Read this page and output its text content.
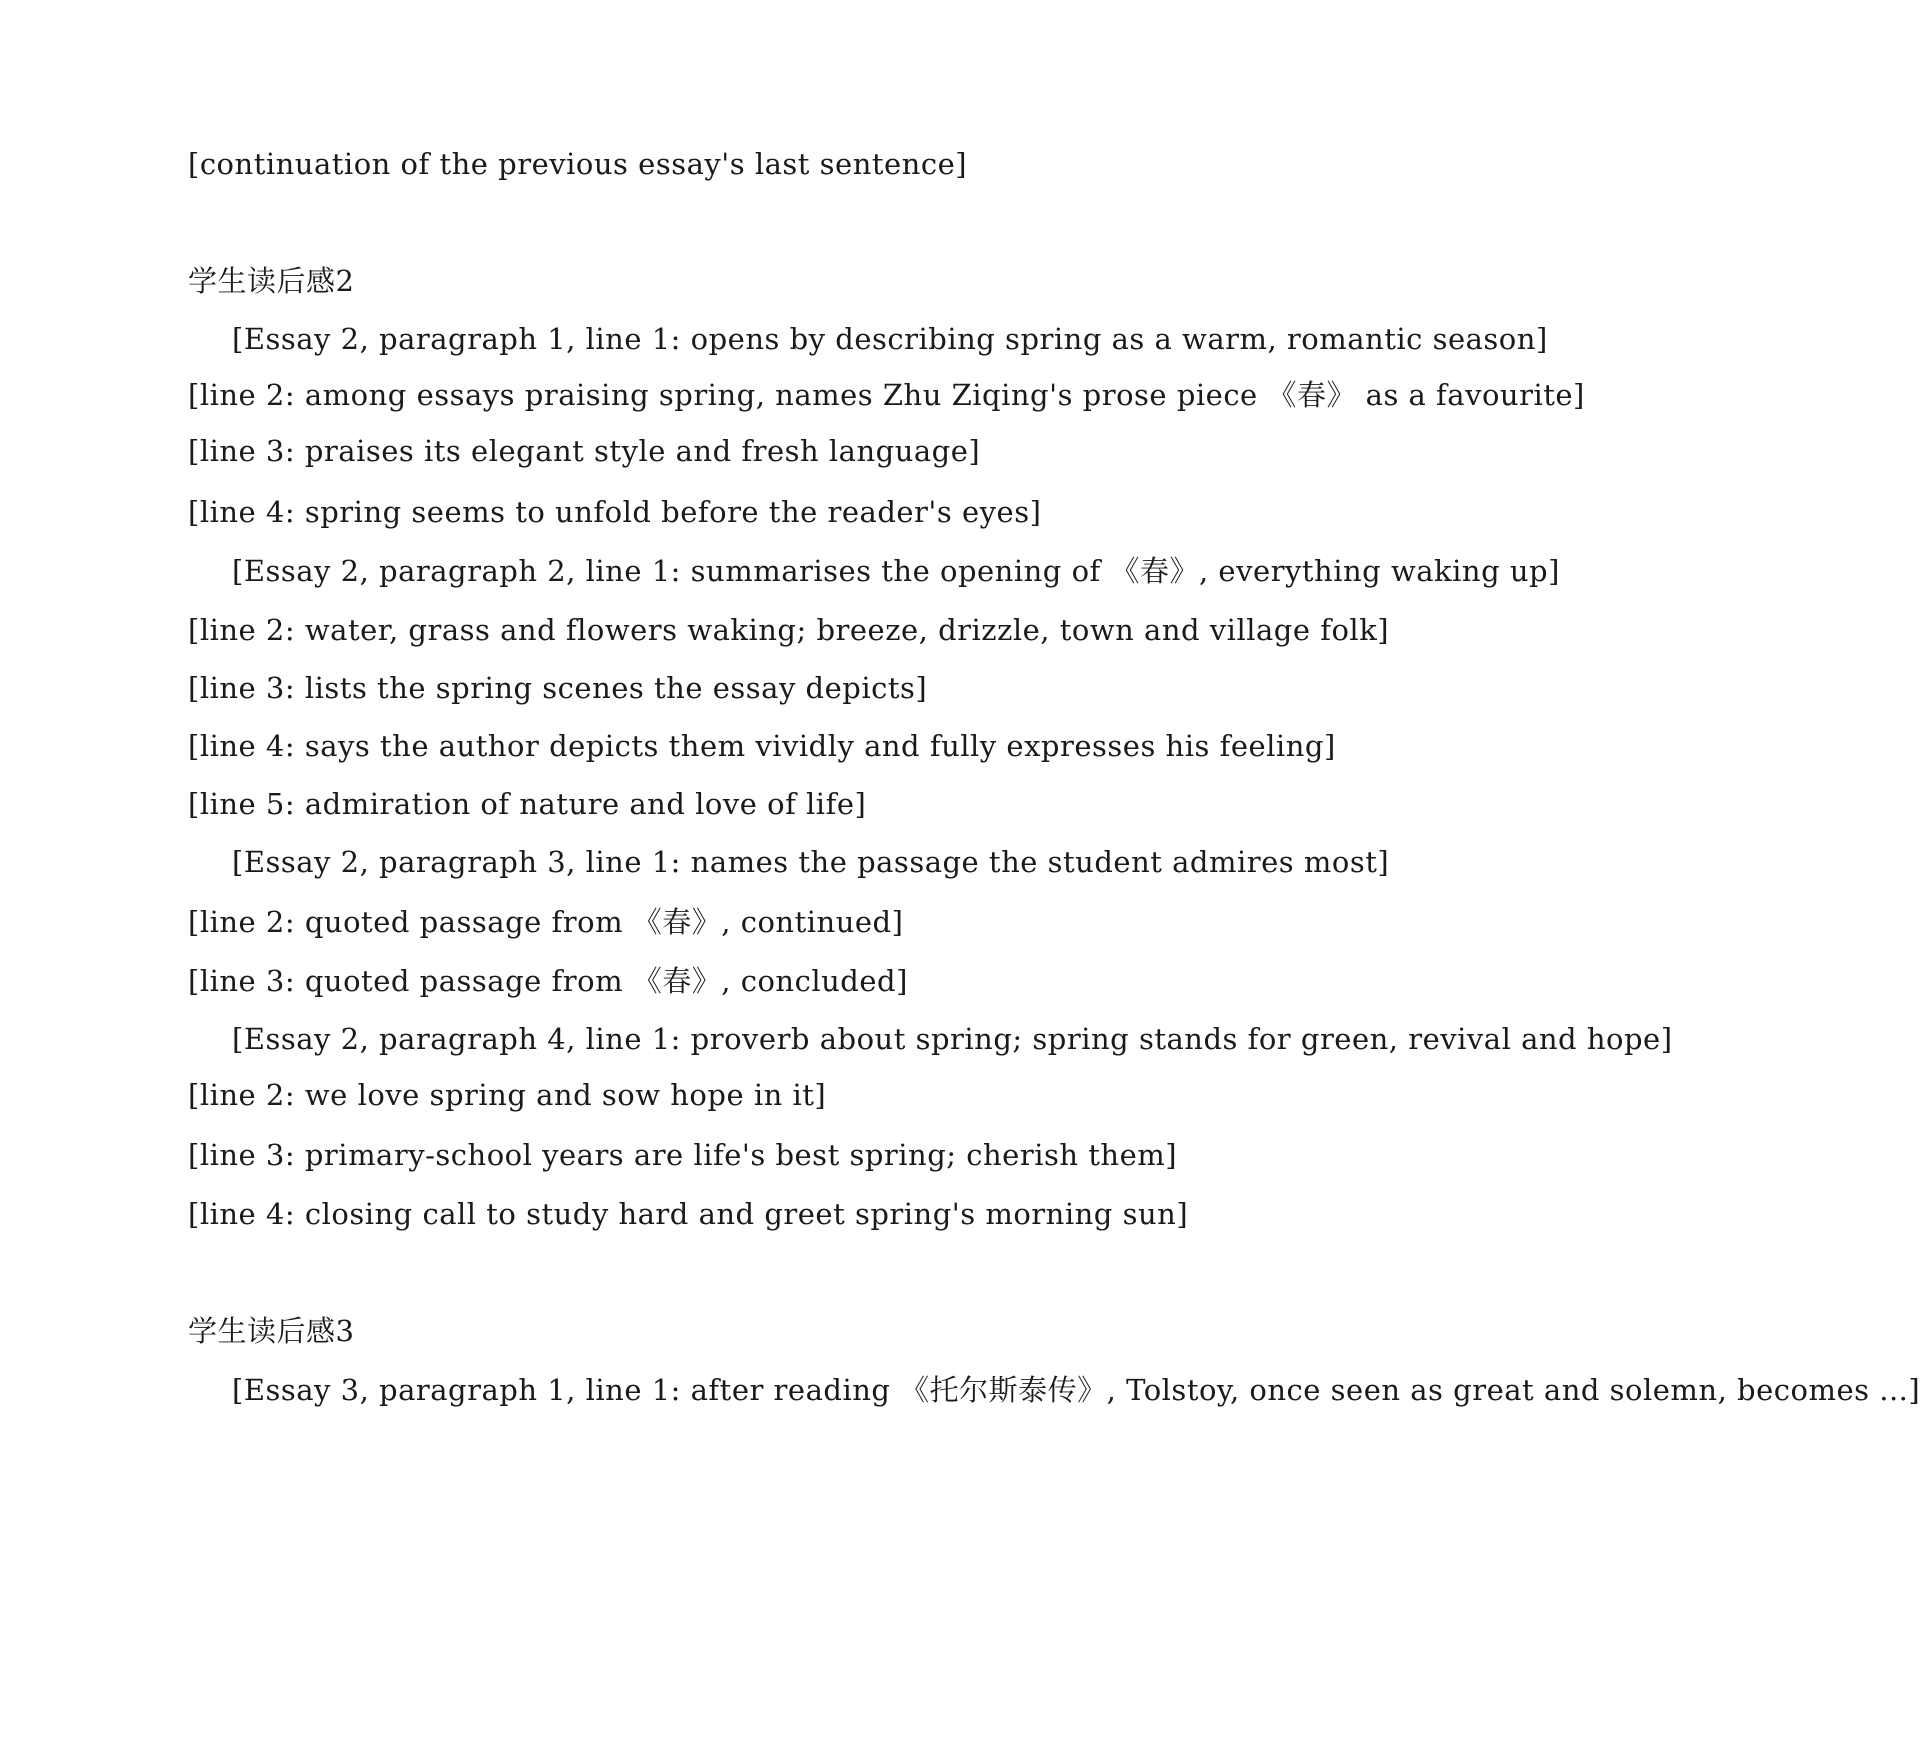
[continuation of the previous essay's last sentence]
学生读后感2
[Essay 2, paragraph 1, line 1: opens by describing spring as a warm, romantic season]
[line 2: among essays praising spring, names Zhu Ziqing's prose piece 《春》 as a favourite]
[line 3: praises its elegant style and fresh language]
[line 4: spring seems to unfold before the reader's eyes]
[Essay 2, paragraph 2, line 1: summarises the opening of 《春》, everything waking up]
[line 2: water, grass and flowers waking; breeze, drizzle, town and village folk]
[line 3: lists the spring scenes the essay depicts]
[line 4: says the author depicts them vividly and fully expresses his feeling]
[line 5: admiration of nature and love of life]
[Essay 2, paragraph 3, line 1: names the passage the student admires most]
[line 2: quoted passage from 《春》, continued]
[line 3: quoted passage from 《春》, concluded]
[Essay 2, paragraph 4, line 1: proverb about spring; spring stands for green, revival and hope]
[line 2: we love spring and sow hope in it]
[line 3: primary-school years are life's best spring; cherish them]
[line 4: closing call to study hard and greet spring's morning sun]
学生读后感3
[Essay 3, paragraph 1, line 1: after reading 《托尔斯泰传》, Tolstoy, once seen as great and solemn, becomes ...]
